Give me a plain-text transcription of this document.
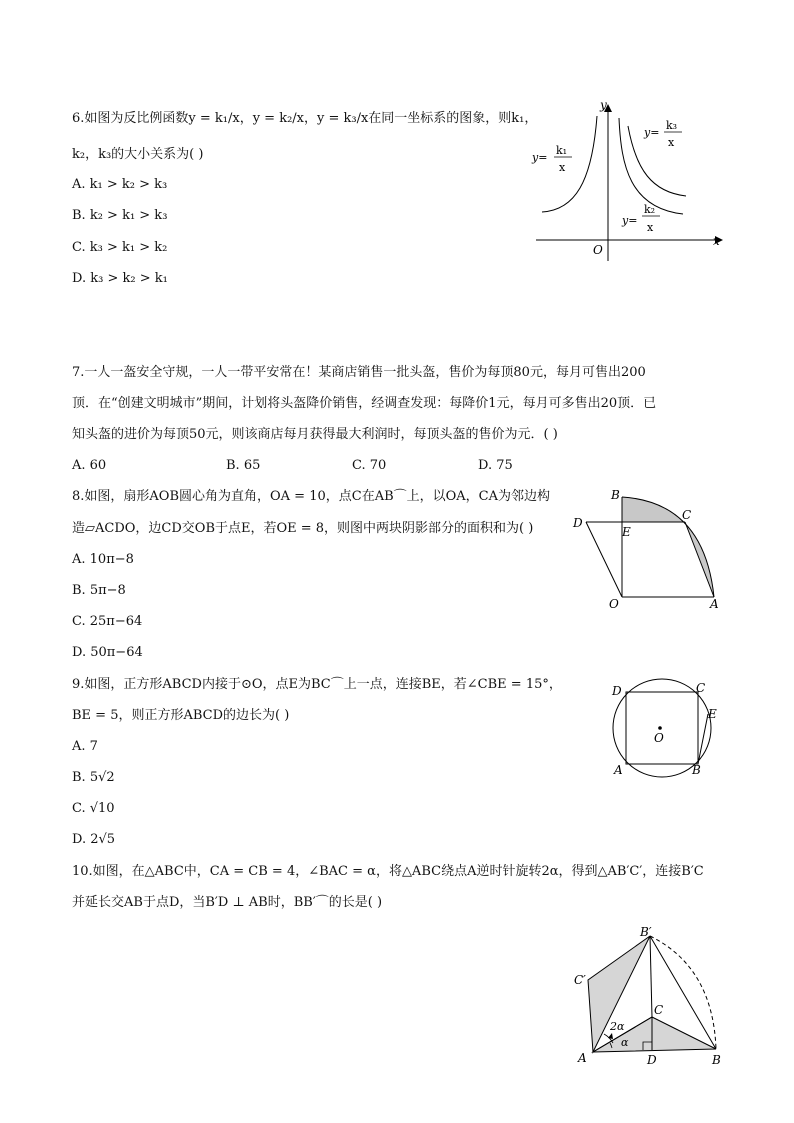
6.如图为反比例函数y = k₁/x，y = k₂/x，y = k₃/x在同一坐标系的图象，则k₁，
k₂，k₃的大小关系为( )
A. k₁ > k₂ > k₃
B. k₂ > k₁ > k₃
C. k₃ > k₁ > k₂
D. k₃ > k₂ > k₁
y
x
O
y=
k₁
x
y=
k₃
x
y=
k₂
x
7.一人一盔安全守规，一人一带平安常在！某商店销售一批头盔，售价为每顶80元，每月可售出200
顶．在“创建文明城市”期间，计划将头盔降价销售，经调查发现：每降价1元，每月可多售出20顶．已
知头盔的进价为每顶50元，则该商店每月获得最大利润时，每顶头盔的售价为元．( )
A. 60	B. 65	C. 70	D. 75
8.如图，扇形AOB圆心角为直角，OA = 10，点C在AB⌒上，以OA，CA为邻边构
造▱ACDO，边CD交OB于点E，若OE = 8，则图中两块阴影部分的面积和为( )
A. 10π−8
B. 5π−8
C. 25π−64
D. 50π−64
B
C
D
E
O	A
9.如图，正方形ABCD内接于⊙O，点E为BC⌒上一点，连接BE，若∠CBE = 15°，
BE = 5，则正方形ABCD的边长为( )
A. 7
B. 5√2
C. √10
D. 2√5
D	C
E
O
A	B
10.如图，在△ABC中，CA = CB = 4，∠BAC = α，将△ABC绕点A逆时针旋转2α，得到△AB′C′，连接B′C
并延长交AB于点D，当B′D ⊥ AB时，BB′⌒的长是( )
B′
C′
C
A	D	B
2α
α
